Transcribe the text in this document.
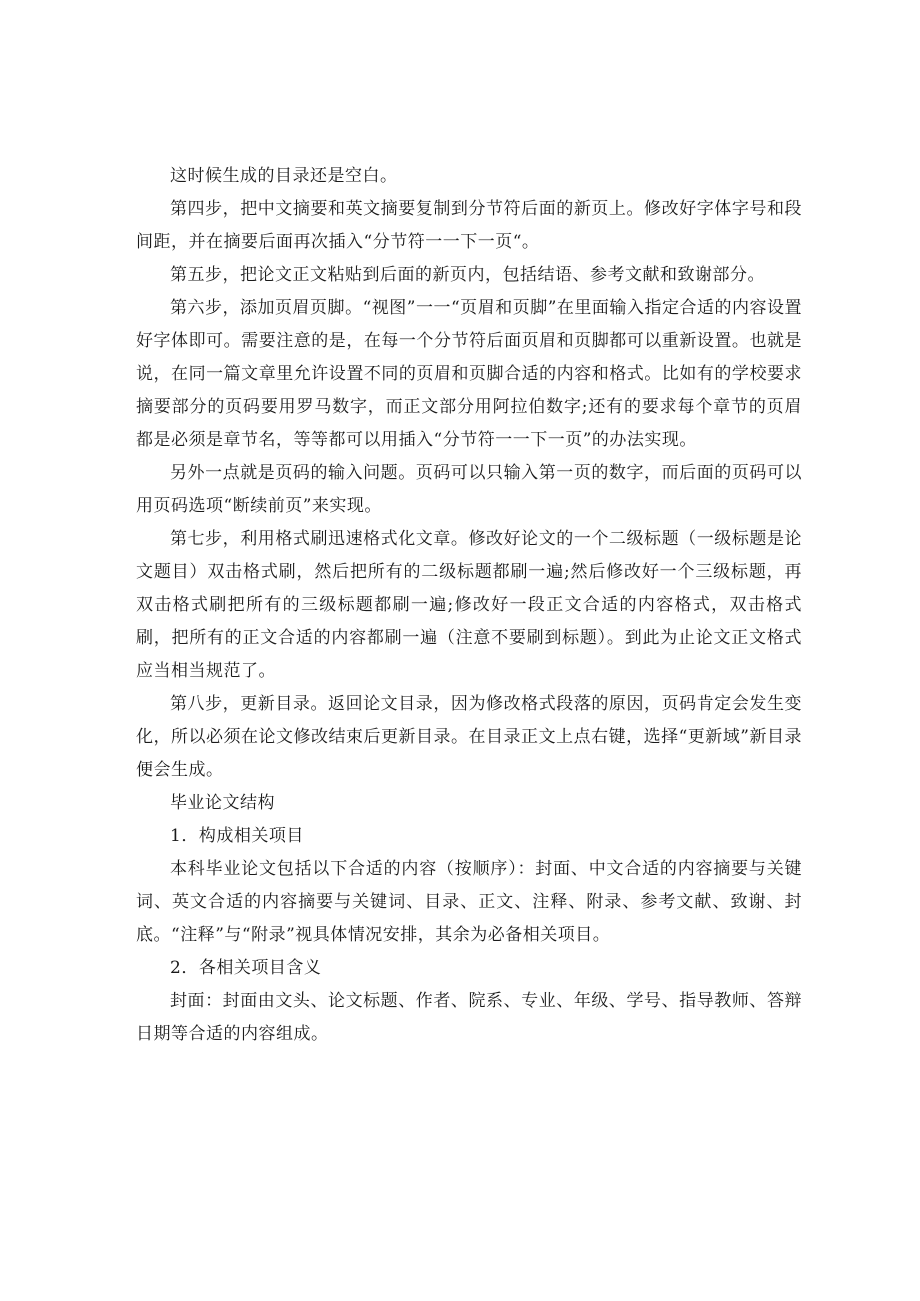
这时候生成的目录还是空白。

第四步，把中文摘要和英文摘要复制到分节符后面的新页上。修改好字体字号和段间距，并在摘要后面再次插入“分节符一一下一页“。

第五步，把论文正文粘贴到后面的新页内，包括结语、参考文献和致谢部分。

第六步，添加页眉页脚。“视图”一一“页眉和页脚”在里面输入指定合适的内容设置好字体即可。需要注意的是，在每一个分节符后面页眉和页脚都可以重新设置。也就是说，在同一篇文章里允许设置不同的页眉和页脚合适的内容和格式。比如有的学校要求摘要部分的页码要用罗马数字，而正文部分用阿拉伯数字;还有的要求每个章节的页眉都是必须是章节名，等等都可以用插入“分节符一一下一页”的办法实现。

另外一点就是页码的输入问题。页码可以只输入第一页的数字，而后面的页码可以用页码选项“断续前页”来实现。

第七步，利用格式刷迅速格式化文章。修改好论文的一个二级标题（一级标题是论文题目）双击格式刷，然后把所有的二级标题都刷一遍;然后修改好一个三级标题，再双击格式刷把所有的三级标题都刷一遍;修改好一段正文合适的内容格式，双击格式刷，把所有的正文合适的内容都刷一遍（注意不要刷到标题）。到此为止论文正文格式应当相当规范了。

第八步，更新目录。返回论文目录，因为修改格式段落的原因，页码肯定会发生变化，所以必须在论文修改结束后更新目录。在目录正文上点右键，选择“更新域”新目录便会生成。

毕业论文结构

1．构成相关项目

本科毕业论文包括以下合适的内容（按顺序）：封面、中文合适的内容摘要与关键词、英文合适的内容摘要与关键词、目录、正文、注释、附录、参考文献、致谢、封底。“注释”与“附录”视具体情况安排，其余为必备相关项目。

2．各相关项目含义

封面：封面由文头、论文标题、作者、院系、专业、年级、学号、指导教师、答辩日期等合适的内容组成。
